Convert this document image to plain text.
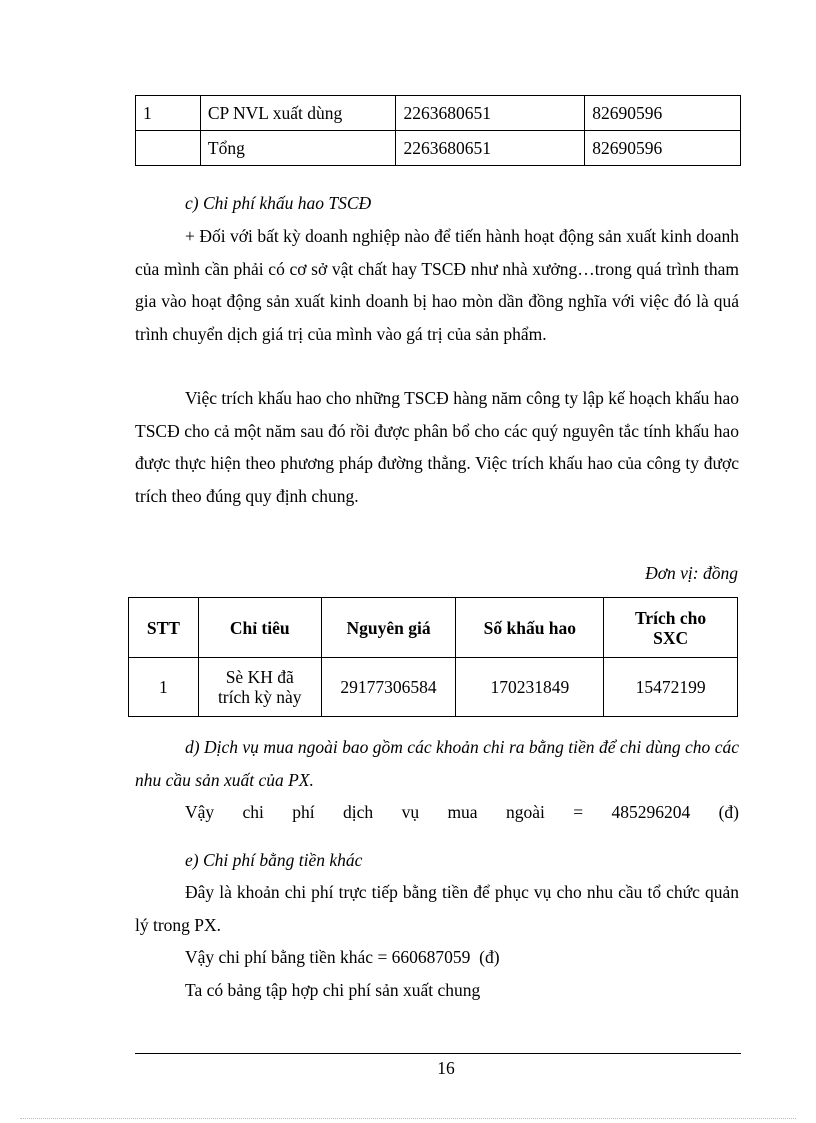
1	CP NVL xuất dùng	2263680651	82690596
	Tổng	2263680651	82690596

c) Chi phí khấu hao TSCĐ

+ Đối với bất kỳ doanh nghiệp nào để tiến hành hoạt động sản xuất kinh doanh của mình cần phải có cơ sở vật chất hay TSCĐ như nhà xưởng…trong quá trình tham gia vào hoạt động sản xuất kinh doanh bị hao mòn dần đồng nghĩa với việc đó là quá trình chuyển dịch giá trị của mình vào gá trị của sản phẩm.

Việc trích khấu hao cho những TSCĐ hàng năm công ty lập kế hoạch khấu hao TSCĐ cho cả một năm sau đó rồi được phân bổ cho các quý nguyên tắc tính khấu hao được thực hiện theo phương pháp đường thẳng. Việc trích khấu hao của công ty được trích theo đúng quy định chung.

Đơn vị: đồng
STT	Chỉ tiêu	Nguyên giá	Số khấu hao	Trích cho SXC
1	Sè KH đã trích kỳ này	29177306584	170231849	15472199

d) Dịch vụ mua ngoài bao gồm các khoản chi ra bằng tiền để chi dùng cho các nhu cầu sản xuất của PX.

Vậy chi phí dịch vụ mua ngoài = 485296204 (đ)

e) Chi phí bằng tiền khác

Đây là khoản chi phí trực tiếp bằng tiền để phục vụ cho nhu cầu tổ chức quản lý trong PX.

Vậy chi phí bằng tiền khác = 660687059  (đ)

Ta có bảng tập hợp chi phí sản xuất chung

16
